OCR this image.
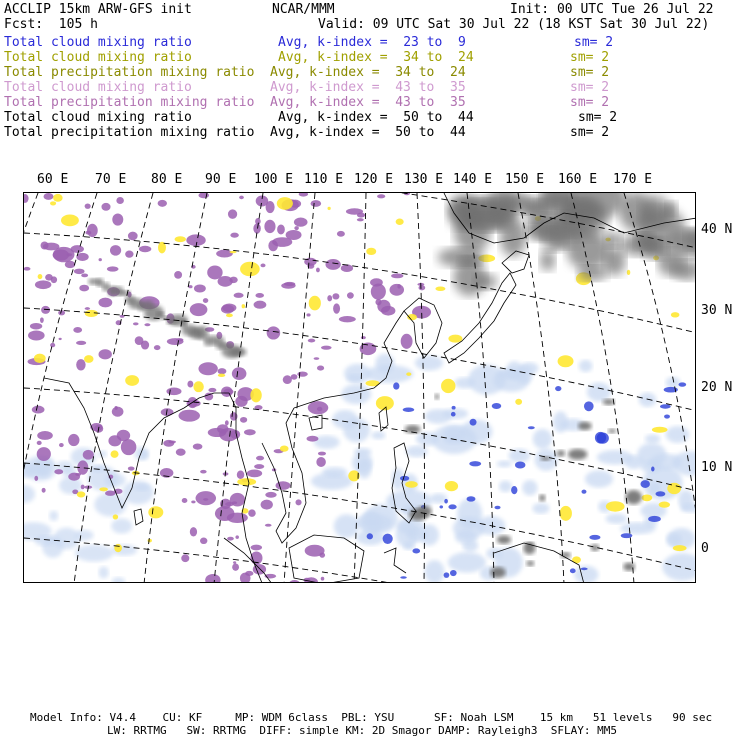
ACCLIP 15km ARW-GFS init	NCAR/MMM	Init: 00 UTC Tue 26 Jul 22
Fcst:  105 h	Valid: 09 UTC Sat 30 Jul 22 (18 KST Sat 30 Jul 22)
Total cloud mixing ratio	Avg, k-index =  23 to  9	sm= 2
Total cloud mixing ratio	Avg, k-index =  34 to  24	sm= 2
Total precipitation mixing ratio Avg, k-index =  34 to  24	sm= 2
Total cloud mixing ratio	Avg, k-index =  43 to  35	sm= 2
Total precipitation mixing ratio Avg, k-index =  43 to  35	sm= 2
Total cloud mixing ratio	Avg, k-index =  50 to  44	sm= 2
Total precipitation mixing ratio Avg, k-index =  50 to  44	sm= 2
60 E 70 E 80 E 90 E 100 E 110 E 120 E 130 E 140 E 150 E 160 E 170 E
40 N
30 N
20 N
10 N
0
Model Info: V4.4    CU: KF     MP: WDM 6class  PBL: YSU      SF: Noah LSM    15 km   51 levels   90 sec
LW: RRTMG   SW: RRTMG  DIFF: simple KM: 2D Smagor DAMP: Rayleigh3  SFLAY: MM5
